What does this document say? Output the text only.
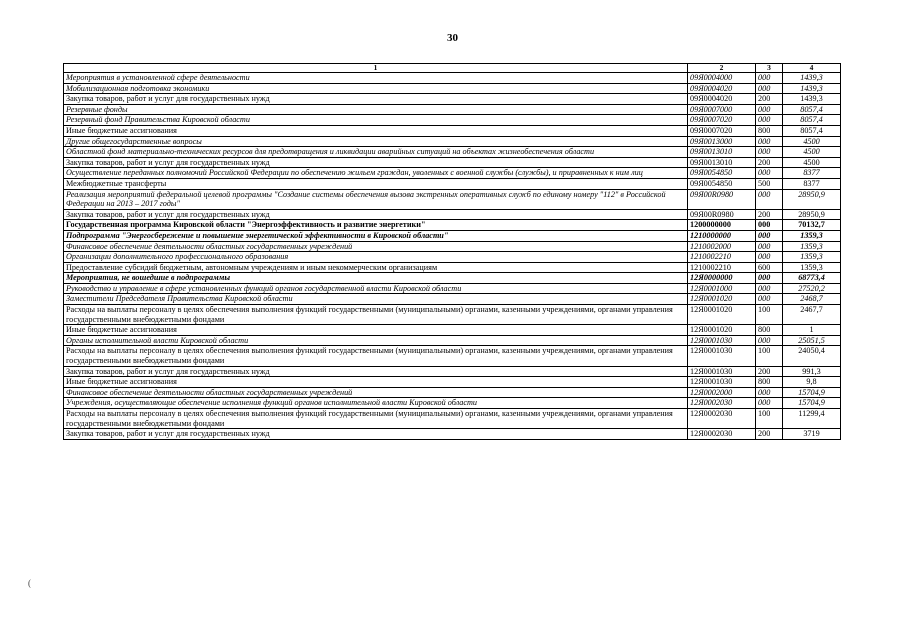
30
(
1	2	3	4
Мероприятия в установленной сфере деятельности	09Я0004000	000	1439,3
Мобилизационная подготовка экономики	09Я0004020	000	1439,3
Закупка товаров, работ и услуг для государственных нужд	09Я0004020	200	1439,3
Резервные фонды	09Я0007000	000	8057,4
Резервный фонд Правительства Кировской области	09Я0007020	000	8057,4
Иные бюджетные ассигнования	09Я0007020	800	8057,4
Другие общегосударственные вопросы	09Я0013000	000	4500
Областной фонд материально-технических ресурсов для предотвращения и ликвидации аварийных ситуаций на объектах жизнеобеспечения области	09Я0013010	000	4500
Закупка товаров, работ и услуг для государственных нужд	09Я0013010	200	4500
Осуществление переданных полномочий Российской Федерации по обеспечению жильем граждан, уволенных с военной службы (службы), и приравненных к ним лиц	09Я0054850	000	8377
Межбюджетные трансферты	09Я0054850	500	8377
Реализация мероприятий федеральной целевой программы "Создание системы обеспечения вызова экстренных оперативных служб по единому номеру "112" в Российской Федерации на 2013 – 2017 годы"	09Я00R0980	000	28950,9
Закупка товаров, работ и услуг для государственных нужд	09Я00R0980	200	28950,9
Государственная программа Кировской области "Энергоэффективность и развитие энергетики"	1200000000	000	70132,7
Подпрограмма "Энергосбережение и повышение энергетической эффективности в Кировской области"	1210000000	000	1359,3
Финансовое обеспечение деятельности областных государственных учреждений	1210002000	000	1359,3
Организации дополнительного профессионального образования	1210002210	000	1359,3
Предоставление субсидий бюджетным, автономным учреждениям и иным некоммерческим организациям	1210002210	600	1359,3
Мероприятия, не вошедшие в подпрограммы	12Я0000000	000	68773,4
Руководство и управление в сфере установленных функций органов государственной власти Кировской области	12Я0001000	000	27520,2
Заместители Председателя Правительства Кировской области	12Я0001020	000	2468,7
Расходы на выплаты персоналу в целях обеспечения выполнения функций государственными (муниципальными) органами, казенными учреждениями, органами управления государственными внебюджетными фондами	12Я0001020	100	2467,7
Иные бюджетные ассигнования	12Я0001020	800	1
Органы исполнительной власти Кировской области	12Я0001030	000	25051,5
Расходы на выплаты персоналу в целях обеспечения выполнения функций государственными (муниципальными) органами, казенными учреждениями, органами управления государственными внебюджетными фондами	12Я0001030	100	24050,4
Закупка товаров, работ и услуг для государственных нужд	12Я0001030	200	991,3
Иные бюджетные ассигнования	12Я0001030	800	9,8
Финансовое обеспечение деятельности областных государственных учреждений	12Я0002000	000	15704,9
Учреждения, осуществляющие обеспечение исполнения функций органов исполнительной власти Кировской области	12Я0002030	000	15704,9
Расходы на выплаты персоналу в целях обеспечения выполнения функций государственными (муниципальными) органами, казенными учреждениями, органами управления государственными внебюджетными фондами	12Я0002030	100	11299,4
Закупка товаров, работ и услуг для государственных нужд	12Я0002030	200	3719
